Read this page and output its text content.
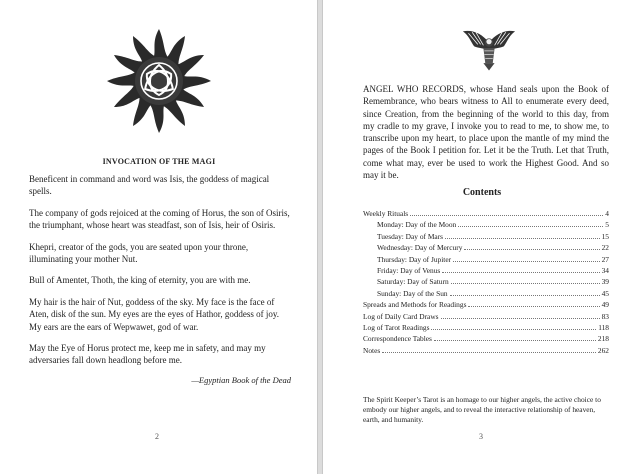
INVOCATION OF THE MAGI

Beneficent in command and word was Isis, the goddess of magical spells.

The company of gods rejoiced at the coming of Horus, the son of Osiris, the triumphant, whose heart was steadfast, son of Isis, heir of Osiris.

Khepri, creator of the gods, you are seated upon your throne, illuminating your mother Nut.

Bull of Amentet, Thoth, the king of eternity, you are with me.

My hair is the hair of Nut, goddess of the sky. My face is the face of Aten, disk of the sun. My eyes are the eyes of Hathor, goddess of joy. My ears are the ears of Wepwawet, god of war.

May the Eye of Horus protect me, keep me in safety, and may my adversaries fall down headlong before me.

—Egyptian Book of the Dead
2
ANGEL WHO RECORDS, whose Hand seals upon the Book of Remembrance, who bears witness to All to enumerate every deed, since Creation, from the beginning of the world to this day, from my cradle to my grave, I invoke you to read to me, to show me, to transcribe upon my heart, to place upon the mantle of my mind the pages of the Book I petition for. Let it be the Truth. Let that Truth, come what may, ever be used to work the Highest Good. And so may it be.
Contents
Weekly Rituals	4
Monday: Day of the Moon	5
Tuesday: Day of Mars	15
Wednesday: Day of Mercury	22
Thursday: Day of Jupiter	27
Friday: Day of Venus	34
Saturday: Day of Saturn	39
Sunday: Day of the Sun	45
Spreads and Methods for Readings	49
Log of Daily Card Draws	83
Log of Tarot Readings	118
Correspondence Tables	218
Notes	262
The Spirit Keeper’s Tarot is an homage to our higher angels, the active choice to embody our higher angels, and to reveal the interactive relationship of heaven, earth, and humanity.
3
